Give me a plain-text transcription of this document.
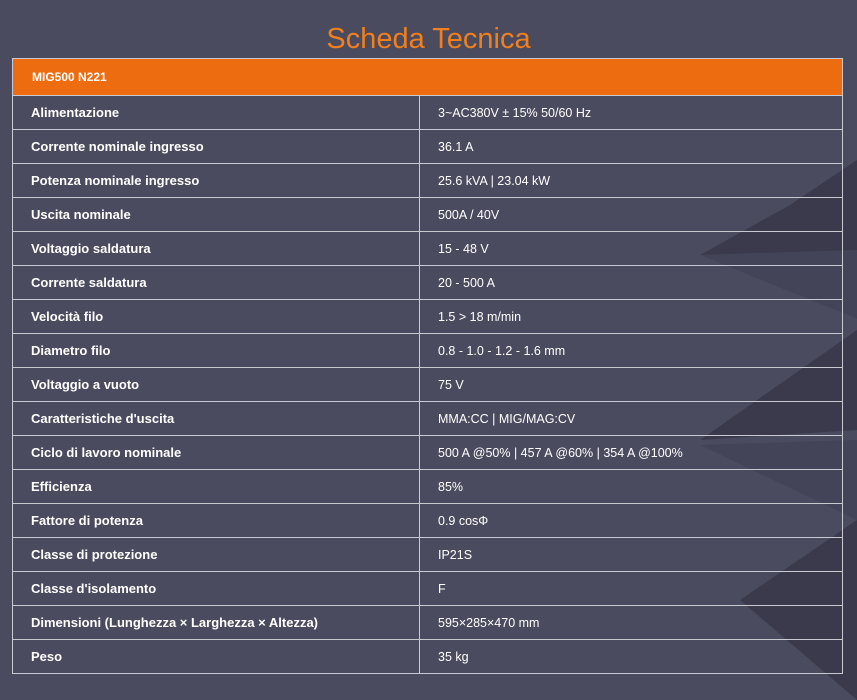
Scheda Tecnica
MIG500 N221	
Alimentazione	3~AC380V ± 15% 50/60 Hz
Corrente nominale ingresso	36.1 A
Potenza nominale ingresso	25.6 kVA | 23.04 kW
Uscita nominale	500A / 40V
Voltaggio saldatura	15 - 48 V
Corrente saldatura	20 - 500 A
Velocità filo	1.5 > 18 m/min
Diametro filo	0.8 - 1.0 - 1.2 - 1.6 mm
Voltaggio a vuoto	75 V
Caratteristiche d'uscita	MMA:CC | MIG/MAG:CV
Ciclo di lavoro nominale	500 A @50% | 457 A @60% | 354 A @100%
Efficienza	85%
Fattore di potenza	0.9 cosΦ
Classe di protezione	IP21S
Classe d'isolamento	F
Dimensioni (Lunghezza × Larghezza × Altezza)	595×285×470 mm
Peso	35 kg
